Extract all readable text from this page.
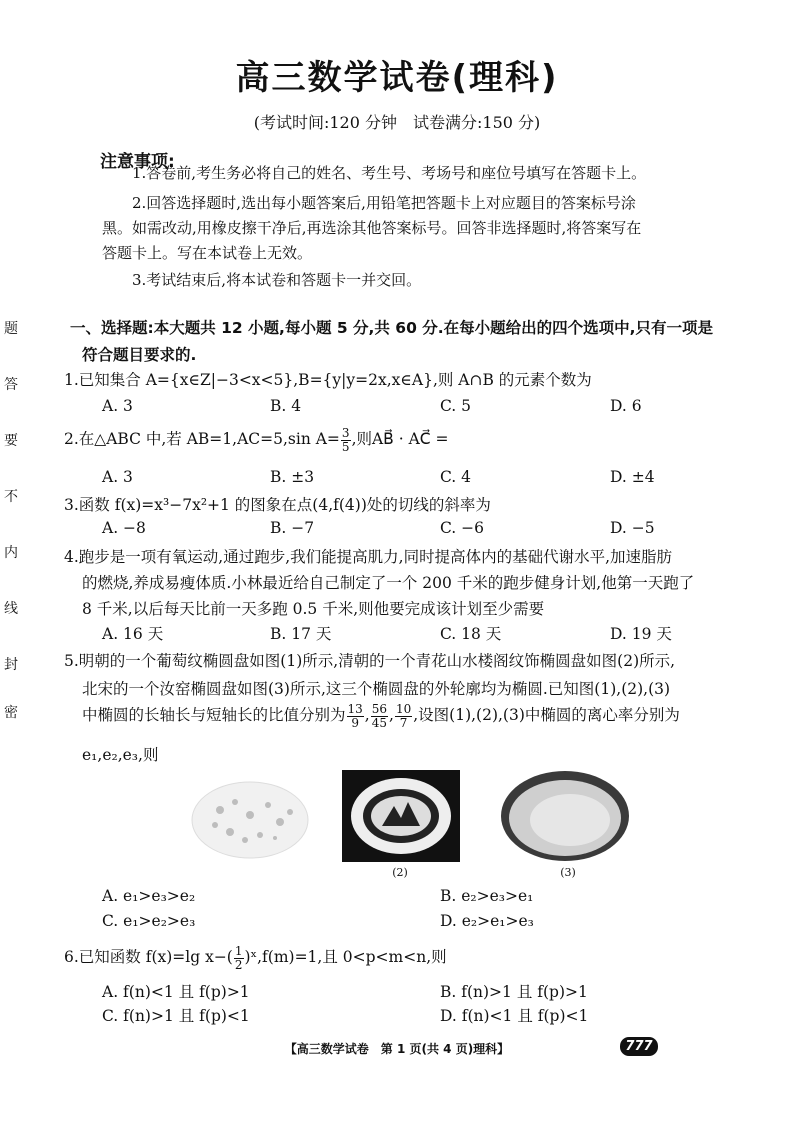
高三数学试卷(理科)
(考试时间:120 分钟　试卷满分:150 分)
注意事项:
1.答卷前,考生务必将自己的姓名、考生号、考场号和座位号填写在答题卡上。
2.回答选择题时,选出每小题答案后,用铅笔把答题卡上对应题目的答案标号涂
黑。如需改动,用橡皮擦干净后,再选涂其他答案标号。回答非选择题时,将答案写在
答题卡上。写在本试卷上无效。
3.考试结束后,将本试卷和答题卡一并交回。
题
答
要
不
内
线
封
密
一、选择题:本大题共 12 小题,每小题 5 分,共 60 分.在每小题给出的四个选项中,只有一项是
符合题目要求的.
1.已知集合 A={x∈Z|−3<x<5},B={y|y=2x,x∈A},则 A∩B 的元素个数为
A. 3	B. 4	C. 5	D. 6
2.在△ABC 中,若 AB=1,AC=5,sin $A= \frac{3}{5}$ ,则AB⃗ · AC⃗ =
A. 3	B. ±3	C. 4	D. ±4
3.函数 f(x)=x³−7x²+1 的图象在点(4,f(4))处的切线的斜率为
A. −8	B. −7	C. −6	D. −5
4.跑步是一项有氧运动,通过跑步,我们能提高肌力,同时提高体内的基础代谢水平,加速脂肪
的燃烧,养成易瘦体质.小林最近给自己制定了一个 200 千米的跑步健身计划,他第一天跑了
8 千米,以后每天比前一天多跑 0.5 千米,则他要完成该计划至少需要
A. 16 天	B. 17 天	C. 18 天	D. 19 天
5.明朝的一个葡萄纹椭圆盘如图(1)所示,清朝的一个青花山水楼阁纹饰椭圆盘如图(2)所示,
北宋的一个汝窑椭圆盘如图(3)所示,这三个椭圆盘的外轮廓均为椭圆.已知图(1),(2),(3)
中椭圆的长轴长与短轴长的比值分别为 $\frac{13}{9}$ , $\frac{56}{45}$ , $\frac{10}{7}$ ,设图(1),(2),(3)中椭圆的离心率分别为
e₁,e₂,e₃,则
(2)	(3)
A. e₁>e₃>e₂	B. e₂>e₃>e₁
C. e₁>e₂>e₃	D. e₂>e₁>e₃
6.已知函数 f(x)=lg $x-( \frac{1}{2}$ )ˣ,f(m)=1,且 0<p<m<n,则
A. f(n)<1 且 f(p)>1	B. f(n)>1 且 f(p)>1
C. f(n)>1 且 f(p)<1	D. f(n)<1 且 f(p)<1
【高三数学试卷　第 1 页(共 4 页)理科】	777
